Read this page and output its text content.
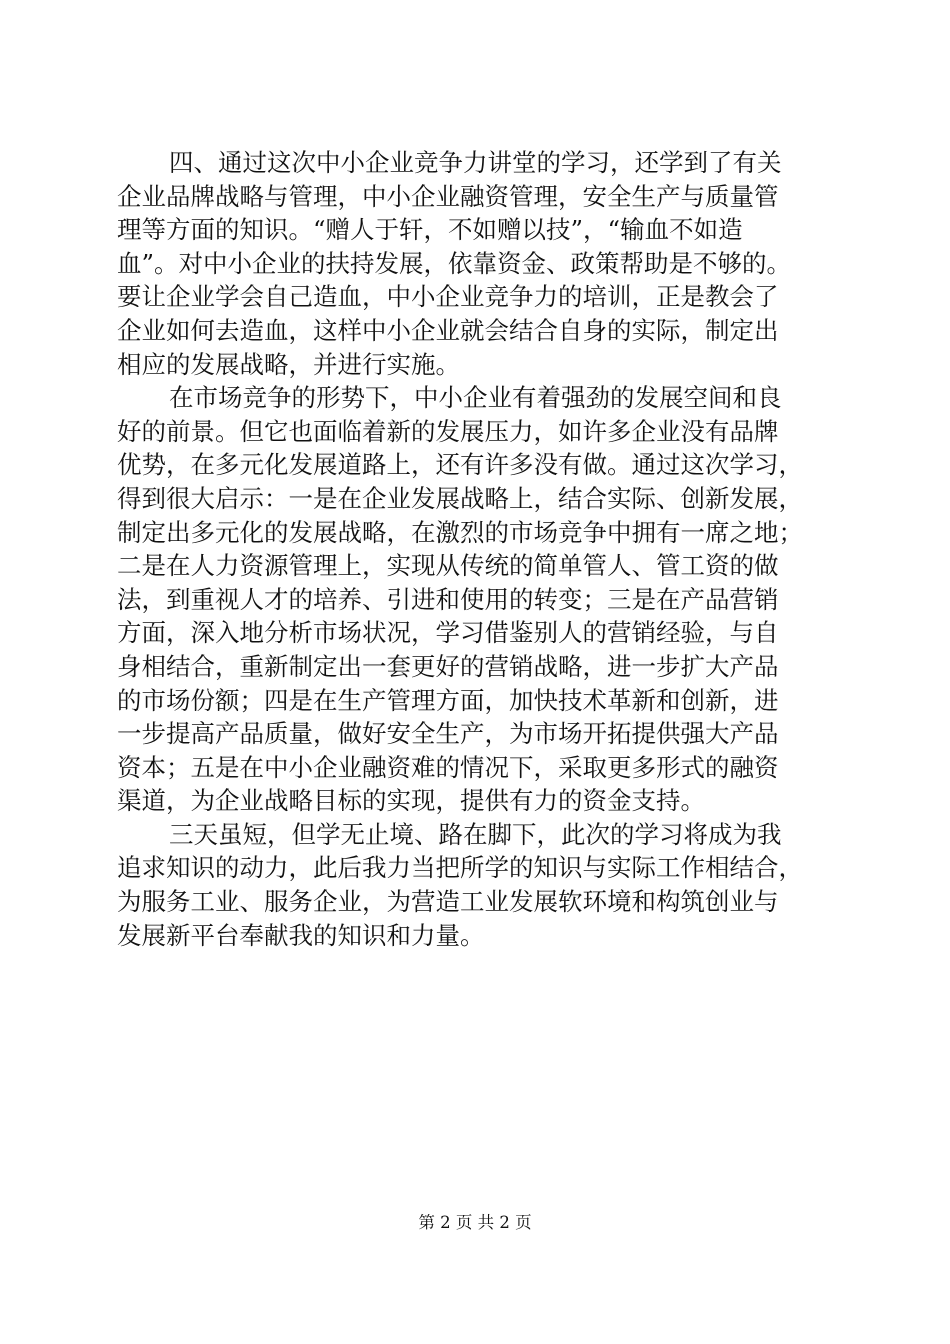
四、通过这次中小企业竞争力讲堂的学习，还学到了有关
企业品牌战略与管理，中小企业融资管理，安全生产与质量管
理等方面的知识。“赠人于轩，不如赠以技”，“输血不如造
血”。对中小企业的扶持发展，依靠资金、政策帮助是不够的。
要让企业学会自己造血，中小企业竞争力的培训，正是教会了
企业如何去造血，这样中小企业就会结合自身的实际，制定出
相应的发展战略，并进行实施。
在市场竞争的形势下，中小企业有着强劲的发展空间和良
好的前景。但它也面临着新的发展压力，如许多企业没有品牌
优势，在多元化发展道路上，还有许多没有做。通过这次学习，
得到很大启示：一是在企业发展战略上，结合实际、创新发展，
制定出多元化的发展战略，在激烈的市场竞争中拥有一席之地；
二是在人力资源管理上，实现从传统的简单管人、管工资的做
法，到重视人才的培养、引进和使用的转变；三是在产品营销
方面，深入地分析市场状况，学习借鉴别人的营销经验，与自
身相结合，重新制定出一套更好的营销战略，进一步扩大产品
的市场份额；四是在生产管理方面，加快技术革新和创新，进
一步提高产品质量，做好安全生产，为市场开拓提供强大产品
资本；五是在中小企业融资难的情况下，采取更多形式的融资
渠道，为企业战略目标的实现，提供有力的资金支持。
三天虽短，但学无止境、路在脚下，此次的学习将成为我
追求知识的动力，此后我力当把所学的知识与实际工作相结合，
为服务工业、服务企业，为营造工业发展软环境和构筑创业与
发展新平台奉献我的知识和力量。
第 2 页 共 2 页
